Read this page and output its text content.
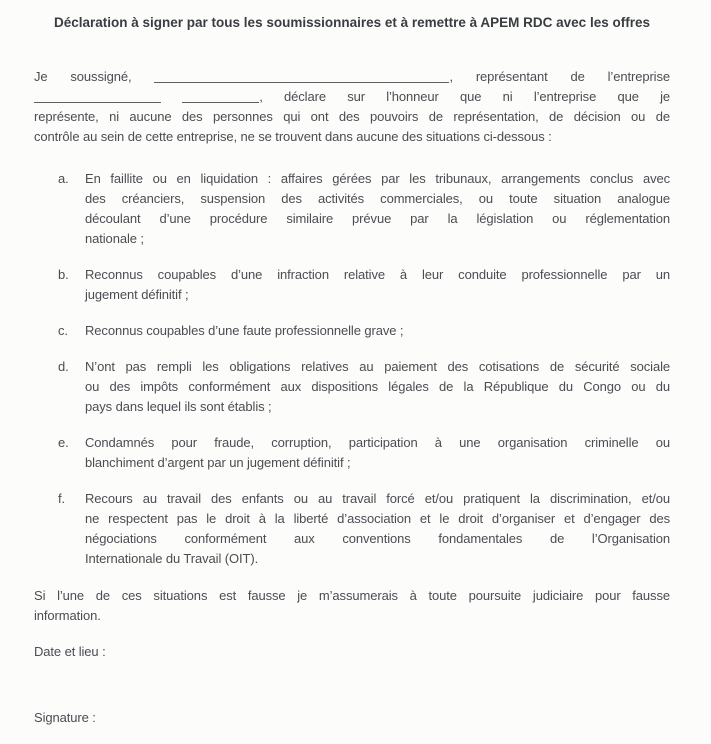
Déclaration à signer par tous les soumissionnaires et à remettre à APEM RDC avec les offres
Je soussigné,	, représentant de l’entreprise
, déclare sur l’honneur que ni l’entreprise que je
représente, ni aucune des personnes qui ont des pouvoirs de représentation, de décision ou de
contrôle au sein de cette entreprise, ne se trouvent dans aucune des situations ci-dessous :
a.	En faillite ou en liquidation : affaires gérées par les tribunaux, arrangements conclus avec
des créanciers, suspension des activités commerciales, ou toute situation analogue
découlant d’une procédure similaire prévue par la législation ou réglementation
nationale ;
b.	Reconnus coupables d’une infraction relative à leur conduite professionnelle par un
jugement définitif ;
c.	Reconnus coupables d’une faute professionnelle grave ;
d.	N’ont pas rempli les obligations relatives au paiement des cotisations de sécurité sociale
ou des impôts conformément aux dispositions légales de la République du Congo ou du
pays dans lequel ils sont établis ;
e.	Condamnés pour fraude, corruption, participation à une organisation criminelle ou
blanchiment d’argent par un jugement définitif ;
f.	Recours au travail des enfants ou au travail forcé et/ou pratiquent la discrimination, et/ou
ne respectent pas le droit à la liberté d’association et le droit d’organiser et d’engager des
négociations conformément aux conventions fondamentales de l’Organisation
Internationale du Travail (OIT).
Si l’une de ces situations est fausse je m’assumerais à toute poursuite judiciaire pour fausse
information.
Date et lieu :
Signature :
